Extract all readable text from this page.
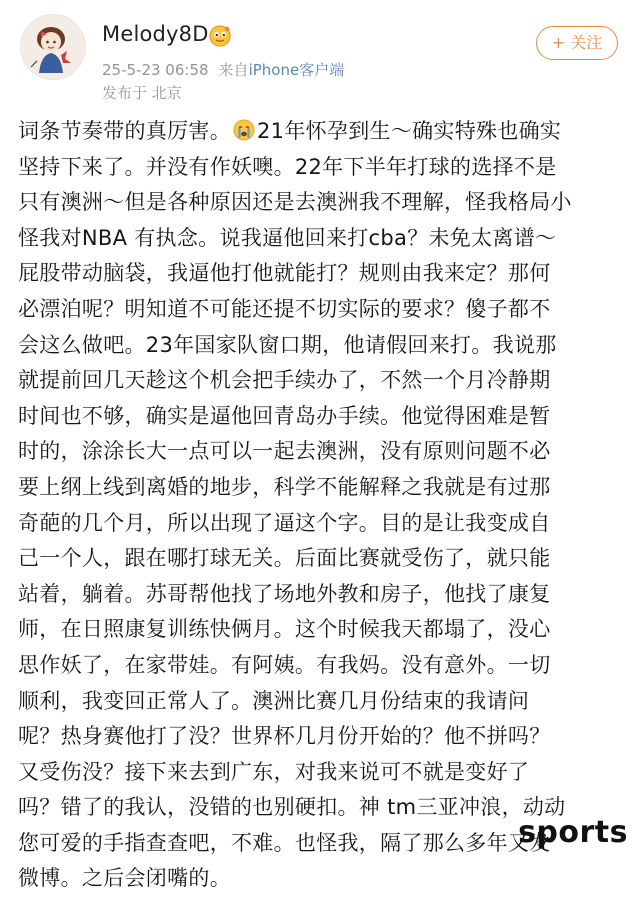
Melody8D
25-5-23 06:58 来自iPhone客户端
发布于 北京
+ 关注
词条节奏带的真厉害。 21年怀孕到生～确实特殊也确实
坚持下来了。并没有作妖噢。22年下半年打球的选择不是
只有澳洲～但是各种原因还是去澳洲我不理解，怪我格局小
怪我对NBA 有执念。说我逼他回来打cba？未免太离谱～
屁股带动脑袋，我逼他打他就能打？规则由我来定？那何
必漂泊呢？明知道不可能还提不切实际的要求？傻子都不
会这么做吧。23年国家队窗口期，他请假回来打。我说那
就提前回几天趁这个机会把手续办了，不然一个月冷静期
时间也不够，确实是逼他回青岛办手续。他觉得困难是暂
时的，涂涂长大一点可以一起去澳洲，没有原则问题不必
要上纲上线到离婚的地步，科学不能解释之我就是有过那
奇葩的几个月，所以出现了逼这个字。目的是让我变成自
己一个人，跟在哪打球无关。后面比赛就受伤了，就只能
站着，躺着。苏哥帮他找了场地外教和房子，他找了康复
师，在日照康复训练快俩月。这个时候我天都塌了，没心
思作妖了，在家带娃。有阿姨。有我妈。没有意外。一切
顺利，我变回正常人了。澳洲比赛几月份结束的我请问
呢？热身赛他打了没？世界杯几月份开始的？他不拼吗？
又受伤没？接下来去到广东，对我来说可不就是变好了
吗？错了的我认，没错的也别硬扣。神 tm三亚冲浪，动动
您可爱的手指查查吧，不难。也怪我，隔了那么多年又发
微博。之后会闭嘴的。
sports
